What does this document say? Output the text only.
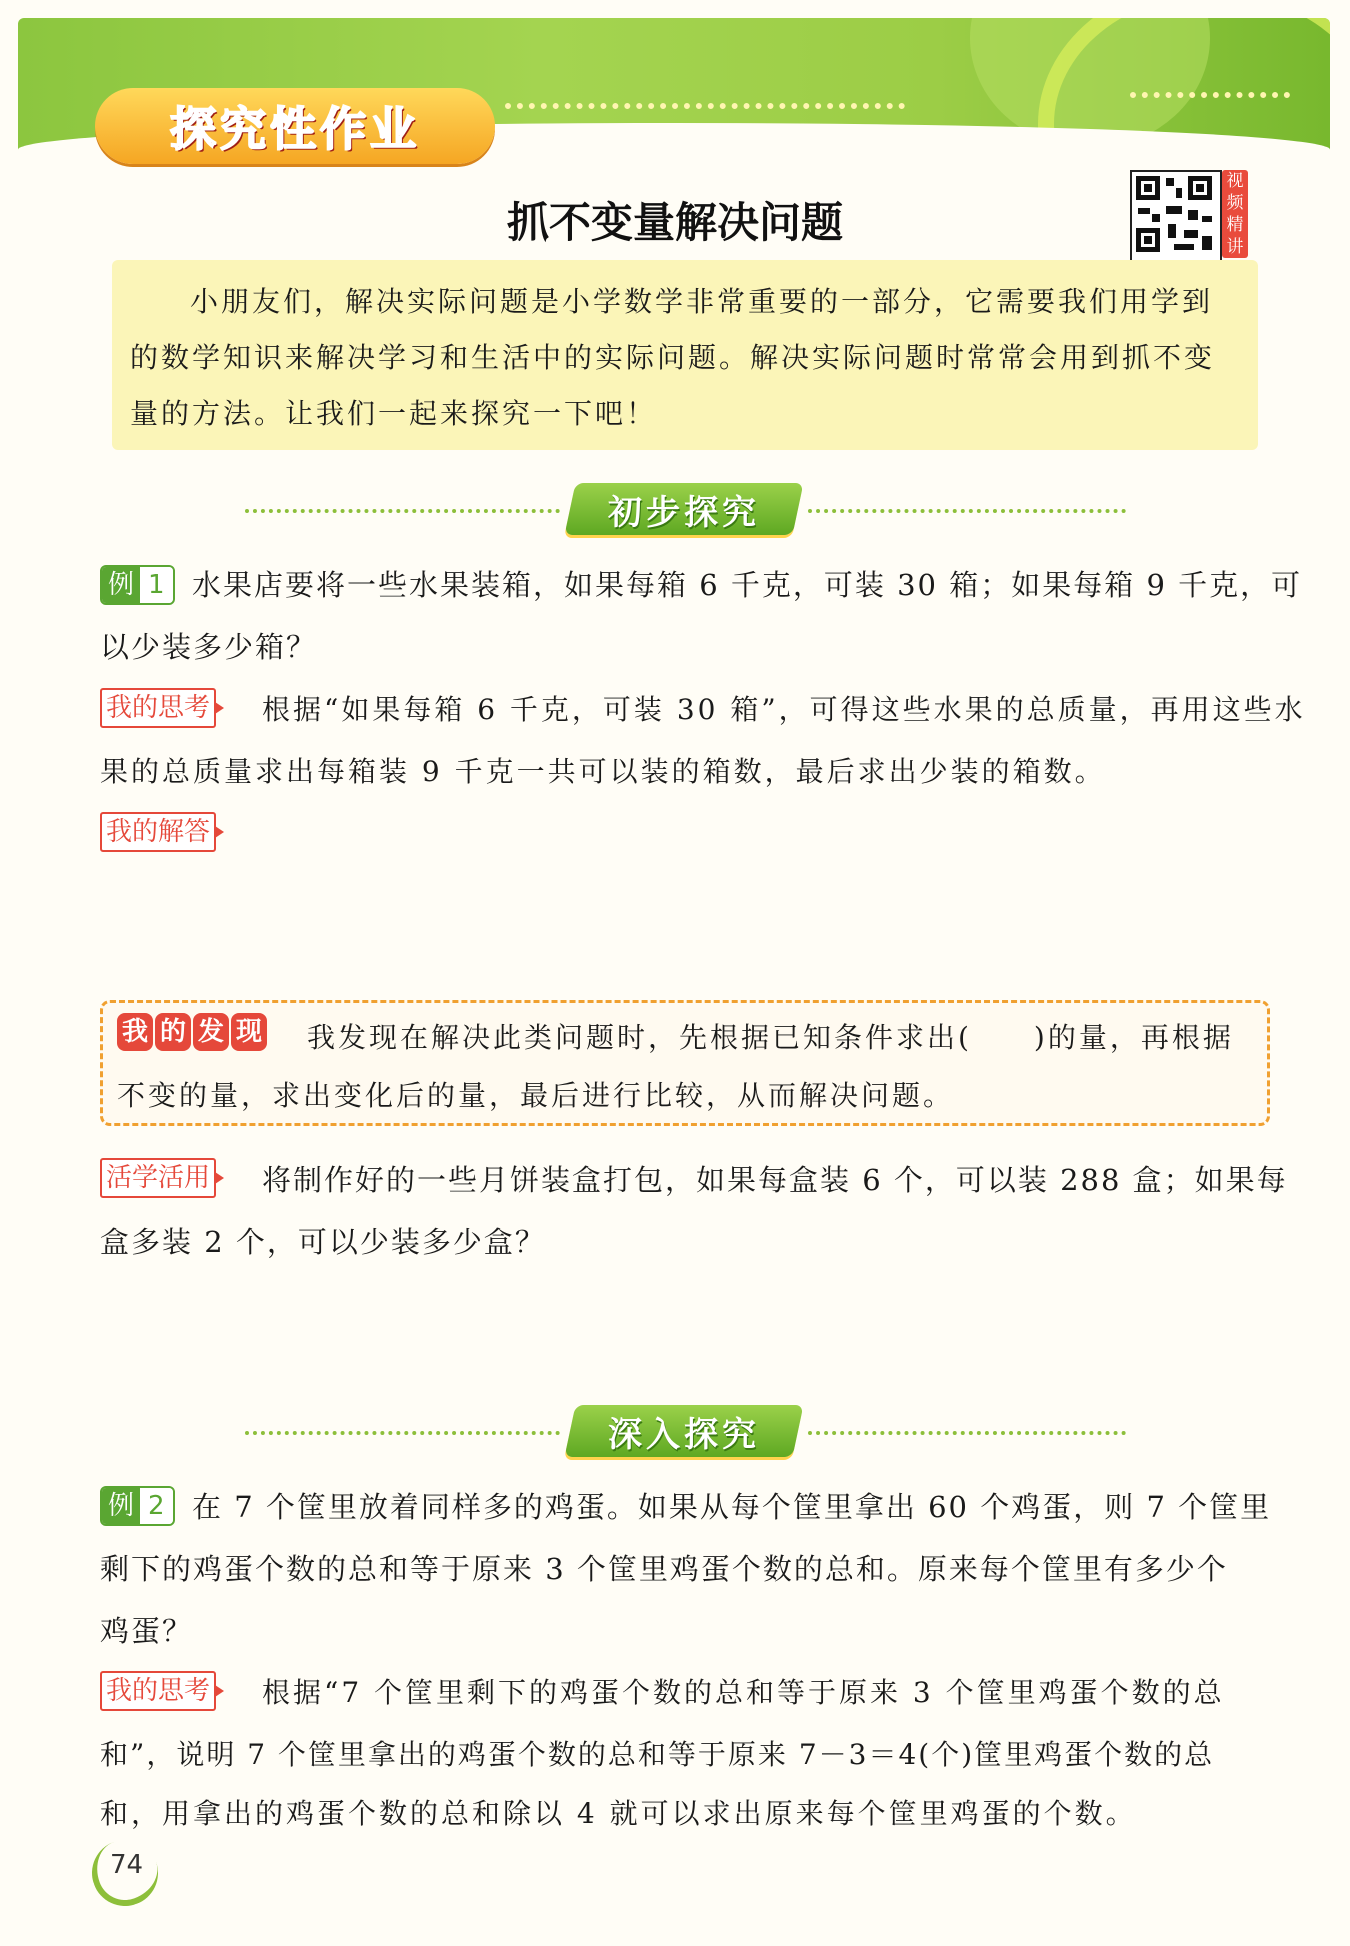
探究性作业
抓不变量解决问题
视频精讲

小朋友们，解决实际问题是小学数学非常重要的一部分，它需要我们用学到的数学知识来解决学习和生活中的实际问题。解决实际问题时常常会用到抓不变量的方法。让我们一起来探究一下吧！

初步探究
例 1 水果店要将一些水果装箱，如果每箱 6 千克，可装 30 箱；如果每箱 9 千克，可
以少装多少箱？
我的思考 根据“如果每箱 6 千克，可装 30 箱”，可得这些水果的总质量，再用这些水
果的总质量求出每箱装 9 千克一共可以装的箱数，最后求出少装的箱数。
我的解答
我 的 发 现	我发现在解决此类问题时，先根据已知条件求出(　　)的量，再根据不变的量，求出变化后的量，最后进行比较，从而解决问题。

活学活用 将制作好的一些月饼装盒打包，如果每盒装 6 个，可以装 288 盒；如果每
盒多装 2 个，可以少装多少盒？
深入探究
例 2 在 7 个筐里放着同样多的鸡蛋。如果从每个筐里拿出 60 个鸡蛋，则 7 个筐里
剩下的鸡蛋个数的总和等于原来 3 个筐里鸡蛋个数的总和。原来每个筐里有多少个
鸡蛋？
我的思考 根据“7 个筐里剩下的鸡蛋个数的总和等于原来 3 个筐里鸡蛋个数的总
和”，说明 7 个筐里拿出的鸡蛋个数的总和等于原来 7－3＝4(个)筐里鸡蛋个数的总
和，用拿出的鸡蛋个数的总和除以 4 就可以求出原来每个筐里鸡蛋的个数。
74
